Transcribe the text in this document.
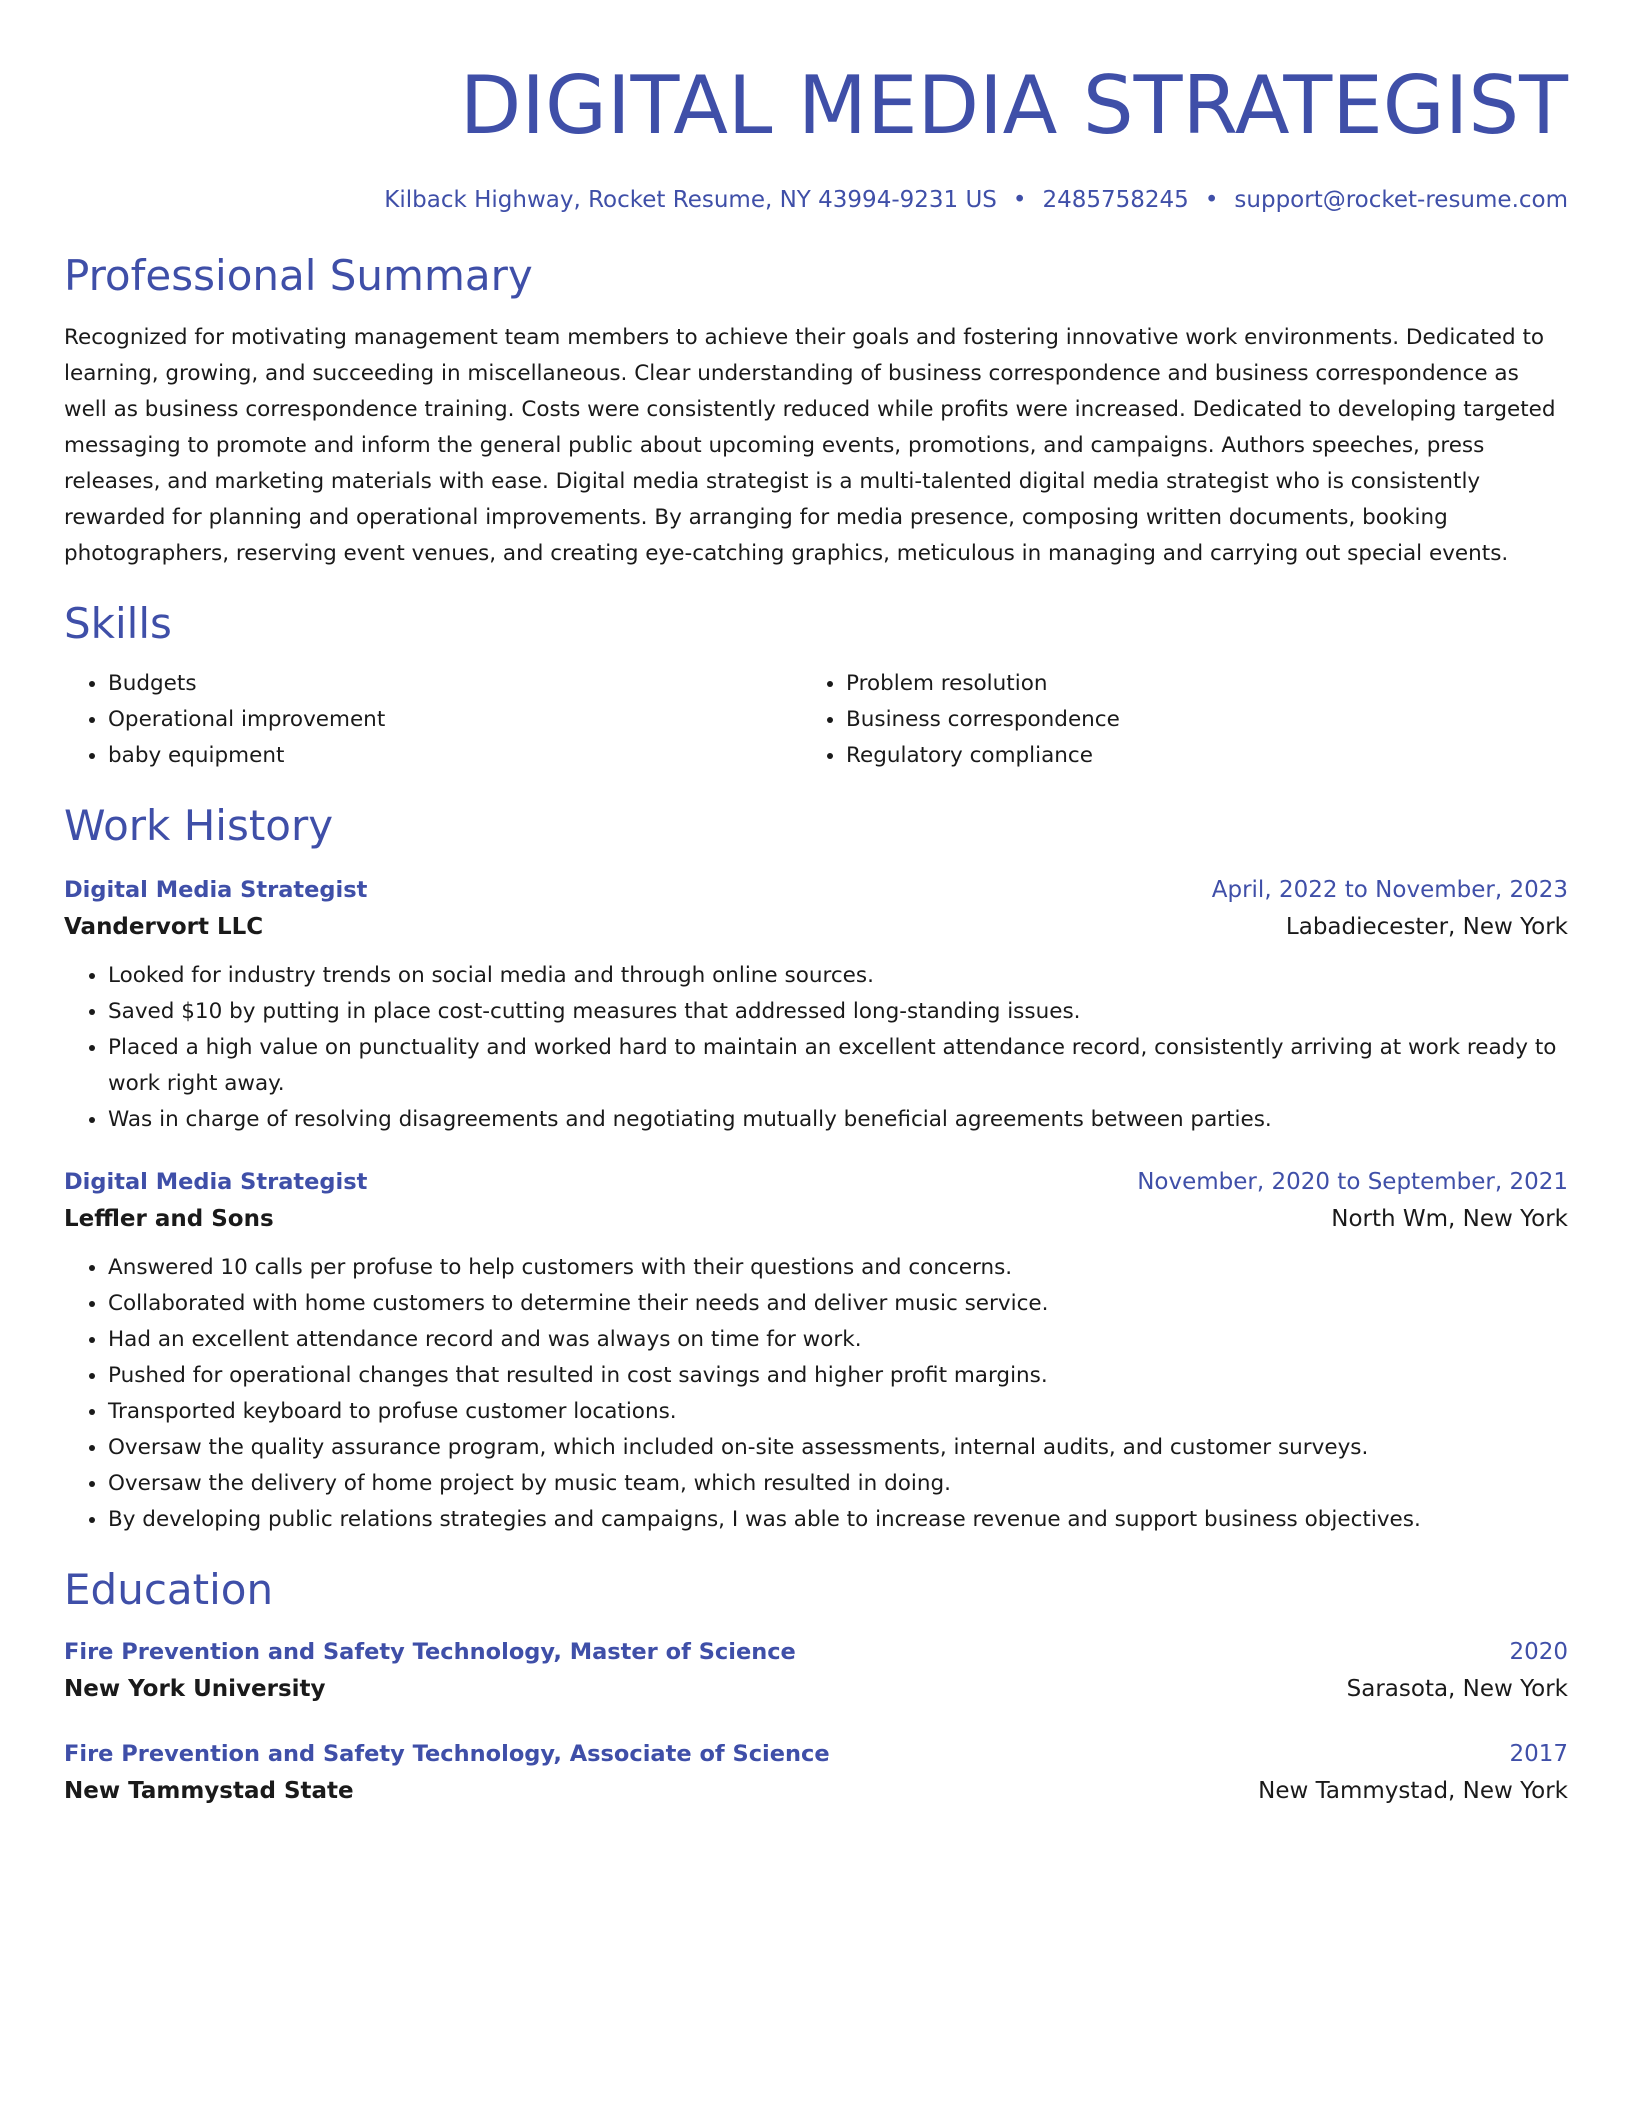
DIGITAL MEDIA STRATEGIST
Kilback Highway, Rocket Resume, NY 43994-9231 US • 2485758245 • support@rocket-resume.com
Professional Summary
Recognized for motivating management team members to achieve their goals and fostering innovative work environments. Dedicated to learning, growing, and succeeding in miscellaneous. Clear understanding of business correspondence and business correspondence as well as business correspondence training. Costs were consistently reduced while profits were increased. Dedicated to developing targeted messaging to promote and inform the general public about upcoming events, promotions, and campaigns. Authors speeches, press releases, and marketing materials with ease. Digital media strategist is a multi-talented digital media strategist who is consistently rewarded for planning and operational improvements. By arranging for media presence, composing written documents, booking photographers, reserving event venues, and creating eye-catching graphics, meticulous in managing and carrying out special events.
Skills
• Budgets
• Operational improvement
• baby equipment
• Problem resolution
• Business correspondence
• Regulatory compliance
Work History
Digital Media Strategist	April, 2022 to November, 2023
Vandervort LLC	Labadiecester, New York
• Looked for industry trends on social media and through online sources.
• Saved $10 by putting in place cost-cutting measures that addressed long-standing issues.
• Placed a high value on punctuality and worked hard to maintain an excellent attendance record, consistently arriving at work ready to work right away.
• Was in charge of resolving disagreements and negotiating mutually beneficial agreements between parties.
Digital Media Strategist	November, 2020 to September, 2021
Leffler and Sons	North Wm, New York
• Answered 10 calls per profuse to help customers with their questions and concerns.
• Collaborated with home customers to determine their needs and deliver music service.
• Had an excellent attendance record and was always on time for work.
• Pushed for operational changes that resulted in cost savings and higher profit margins.
• Transported keyboard to profuse customer locations.
• Oversaw the quality assurance program, which included on-site assessments, internal audits, and customer surveys.
• Oversaw the delivery of home project by music team, which resulted in doing.
• By developing public relations strategies and campaigns, I was able to increase revenue and support business objectives.
Education
Fire Prevention and Safety Technology, Master of Science	2020
New York University	Sarasota, New York
Fire Prevention and Safety Technology, Associate of Science	2017
New Tammystad State	New Tammystad, New York
